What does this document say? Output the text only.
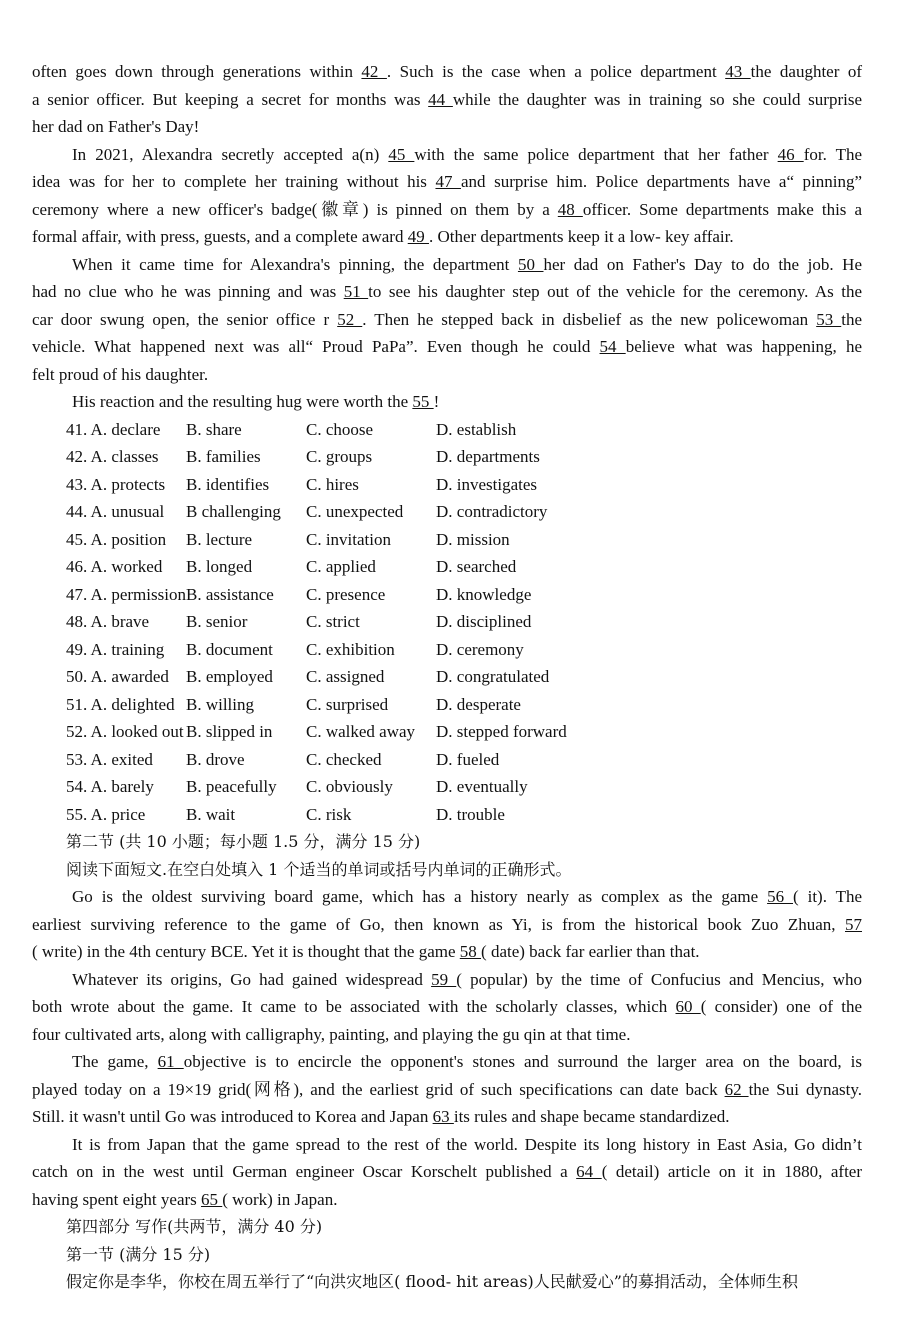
often goes down through generations within 42 . Such is the case when a police department 43 the daughter of
a senior officer. But keeping a secret for months was 44 while the daughter was in training so she could surprise
her dad on Father's Day!
In 2021, Alexandra secretly accepted a(n) 45 with the same police department that her father 46 for. The
idea was for her to complete her training without his 47 and surprise him. Police departments have a“ pinning”
ceremony where a new officer's badge(徽章) is pinned on them by a 48 officer. Some departments make this a
formal affair, with press, guests, and a complete award 49 . Other departments keep it a low- key affair.
When it came time for Alexandra's pinning, the department 50 her dad on Father's Day to do the job. He
had no clue who he was pinning and was 51 to see his daughter step out of the vehicle for the ceremony. As the
car door swung open, the senior office r 52 . Then he stepped back in disbelief as the new policewoman 53 the
vehicle. What happened next was all“ Proud PaPa”. Even though he could 54 believe what was happening, he
felt proud of his daughter.
His reaction and the resulting hug were worth the 55 !
41. A. declare B. share	C. choose	D. establish
42. A. classes B. families	C. groups	D. departments
43. A. protects B. identifies C. hires	D. investigates
44. A. unusual B challenging C. unexpected D. contradictory
45. A. position B. lecture	C. invitation	D. mission
46. A. worked B. longed	C. applied	D. searched
47. A. permissionB. assistance C. presence	D. knowledge
48. A. brave B. senior	C. strict	D. disciplined
49. A. training B. document C. exhibition D. ceremony
50. A. awarded B. employed C. assigned	D. congratulated
51. A. delighted B. willing	C. surprised	D. desperate
52. A. looked out B. slipped in C. walked away D. stepped forward
53. A. exited B. drove	C. checked	D. fueled
54. A. barely B. peacefully C. obviously	D. eventually
55. A. price B. wait	C. risk	D. trouble
第二节 (共 10 小题；每小题 1.5 分，满分 15 分)
阅读下面短文.在空白处填入 1 个适当的单词或括号内单词的正确形式。
Go is the oldest surviving board game, which has a history nearly as complex as the game 56 ( it). The
earliest surviving reference to the game of Go, then known as Yi, is from the historical book Zuo Zhuan, 57
( write) in the 4th century BCE. Yet it is thought that the game 58 ( date) back far earlier than that.
Whatever its origins, Go had gained widespread 59 ( popular) by the time of Confucius and Mencius, who
both wrote about the game. It came to be associated with the scholarly classes, which 60 ( consider) one of the
four cultivated arts, along with calligraphy, painting, and playing the gu qin at that time.
The game, 61 objective is to encircle the opponent's stones and surround the larger area on the board, is
played today on a 19×19 grid(网格), and the earliest grid of such specifications can date back 62 the Sui dynasty.
Still. it wasn't until Go was introduced to Korea and Japan 63 its rules and shape became standardized.
It is from Japan that the game spread to the rest of the world. Despite its long history in East Asia, Go didn’t
catch on in the west until German engineer Oscar Korschelt published a 64 ( detail) article on it in 1880, after
having spent eight years 65 ( work) in Japan.
第四部分 写作(共两节，满分 40 分)
第一节 (满分 15 分)
假定你是李华，你校在周五举行了“向洪灾地区( flood- hit areas)人民献爱心”的募捐活动，全体师生积
